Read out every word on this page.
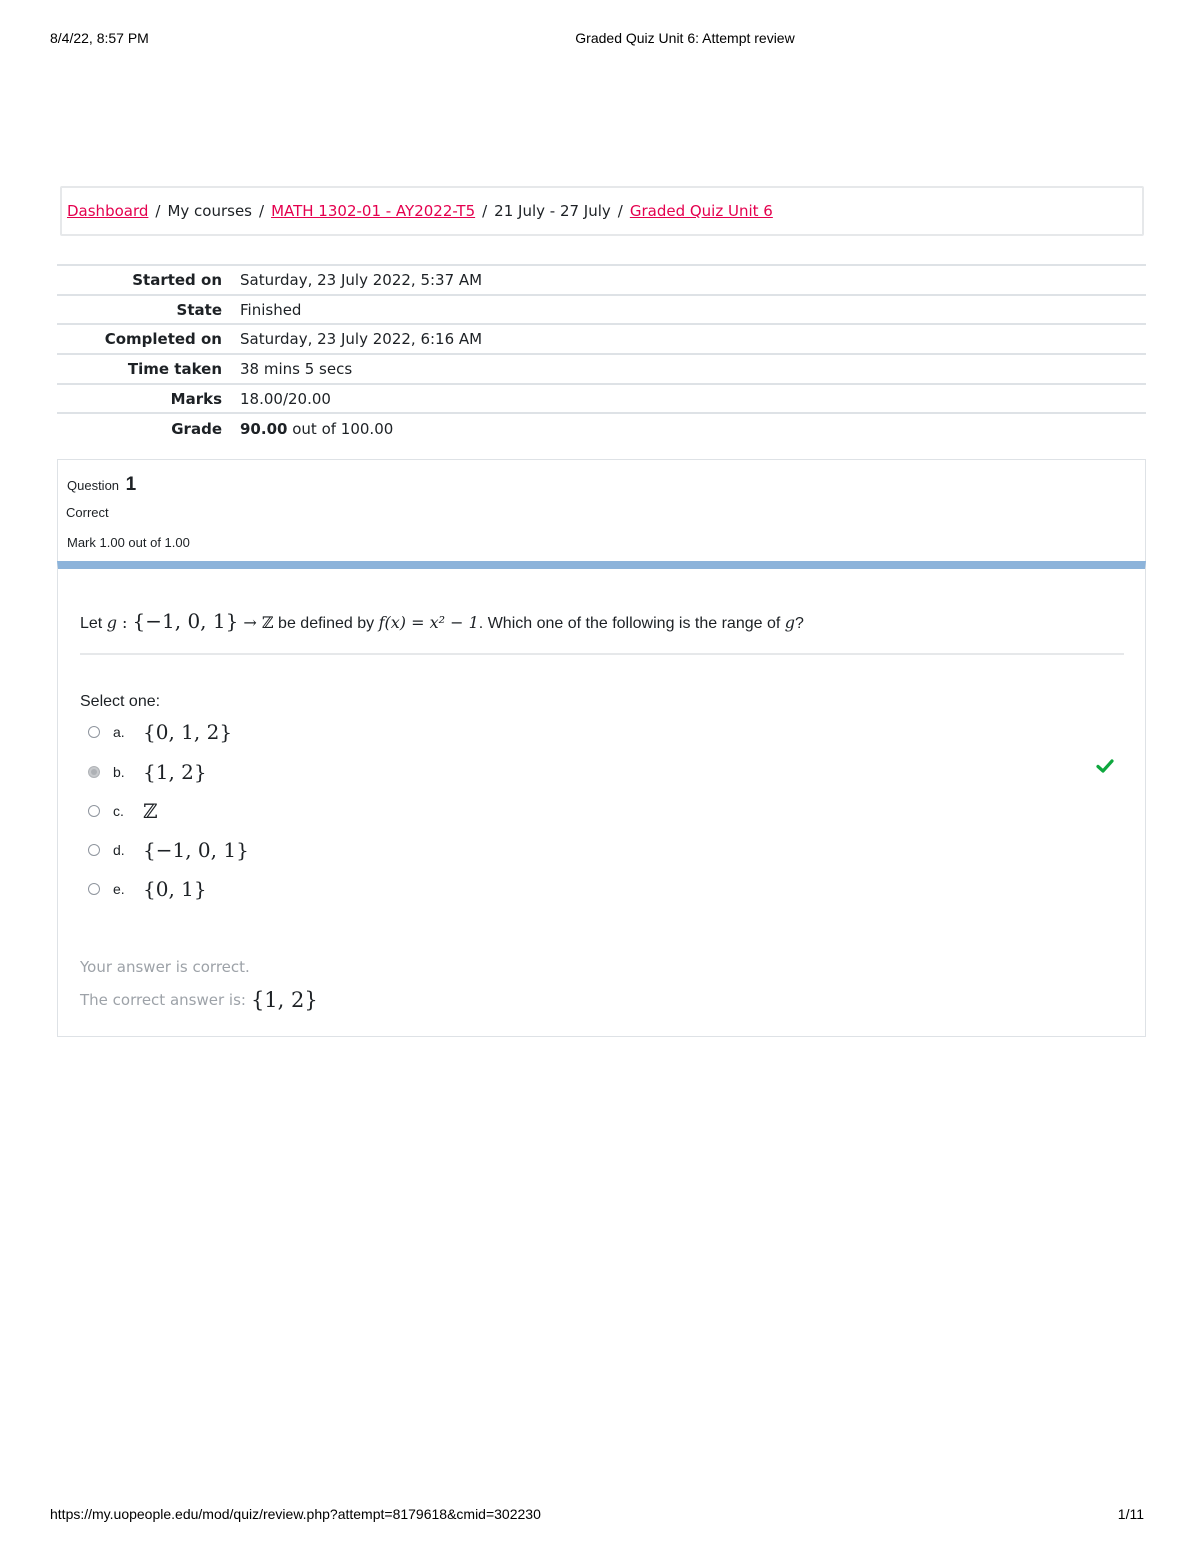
8/4/22, 8:57 PM	Graded Quiz Unit 6: Attempt review
Dashboard / My courses / MATH 1302-01 - AY2022-T5 / 21 July - 27 July / Graded Quiz Unit 6
Started on	Saturday, 23 July 2022, 5:37 AM
State	Finished
Completed on	Saturday, 23 July 2022, 6:16 AM
Time taken	38 mins 5 secs
Marks	18.00/20.00
Grade	90.00 out of 100.00
Question 1
Correct
Mark 1.00 out of 1.00
Let g : {−1, 0, 1} → ℤ be defined by f(x) = x² − 1. Which one of the following is the range of g?
Select one:
a. {0, 1, 2}
b. {1, 2}
c. ℤ
d. {−1, 0, 1}
e. {0, 1}
Your answer is correct.
The correct answer is: {1, 2}
https://my.uopeople.edu/mod/quiz/review.php?attempt=8179618&cmid=302230	1/11
